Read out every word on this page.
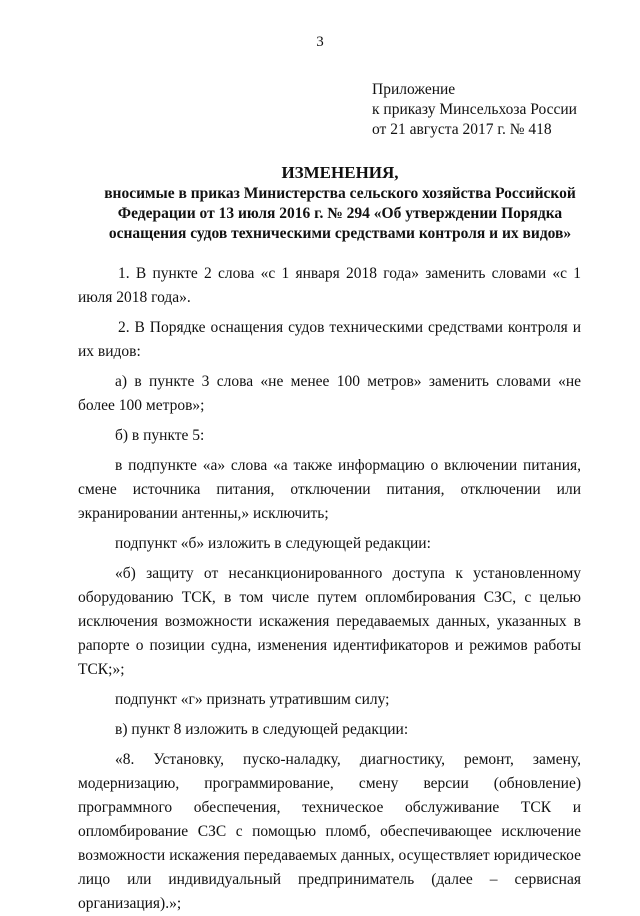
3
Приложение
к приказу Минсельхоза России
от 21 августа 2017 г. № 418
ИЗМЕНЕНИЯ,
вносимые в приказ Министерства сельского хозяйства Российской
Федерации от 13 июля 2016 г. № 294 «Об утверждении Порядка
оснащения судов техническими средствами контроля и их видов»

1. В пункте 2 слова «с 1 января 2018 года» заменить словами «с 1 июля 2018 года».

2. В Порядке оснащения судов техническими средствами контроля и их видов:

а) в пункте 3 слова «не менее 100 метров» заменить словами «не более 100 метров»;

б) в пункте 5:

в подпункте «а» слова «а также информацию о включении питания, смене источника питания, отключении питания, отключении или экранировании антенны,» исключить;

подпункт «б» изложить в следующей редакции:

«б) защиту от несанкционированного доступа к установленному оборудованию ТСК, в том числе путем опломбирования СЗС, с целью исключения возможности искажения передаваемых данных, указанных в рапорте о позиции судна, изменения идентификаторов и режимов работы ТСК;»;

подпункт «г» признать утратившим силу;

в) пункт 8 изложить в следующей редакции:

«8. Установку, пуско-наладку, диагностику, ремонт, замену, модернизацию, программирование, смену версии (обновление) программного обеспечения, техническое обслуживание ТСК и опломбирование СЗС с помощью пломб, обеспечивающее исключение возможности искажения передаваемых данных, осуществляет юридическое лицо или индивидуальный предприниматель (далее – сервисная организация).»;
